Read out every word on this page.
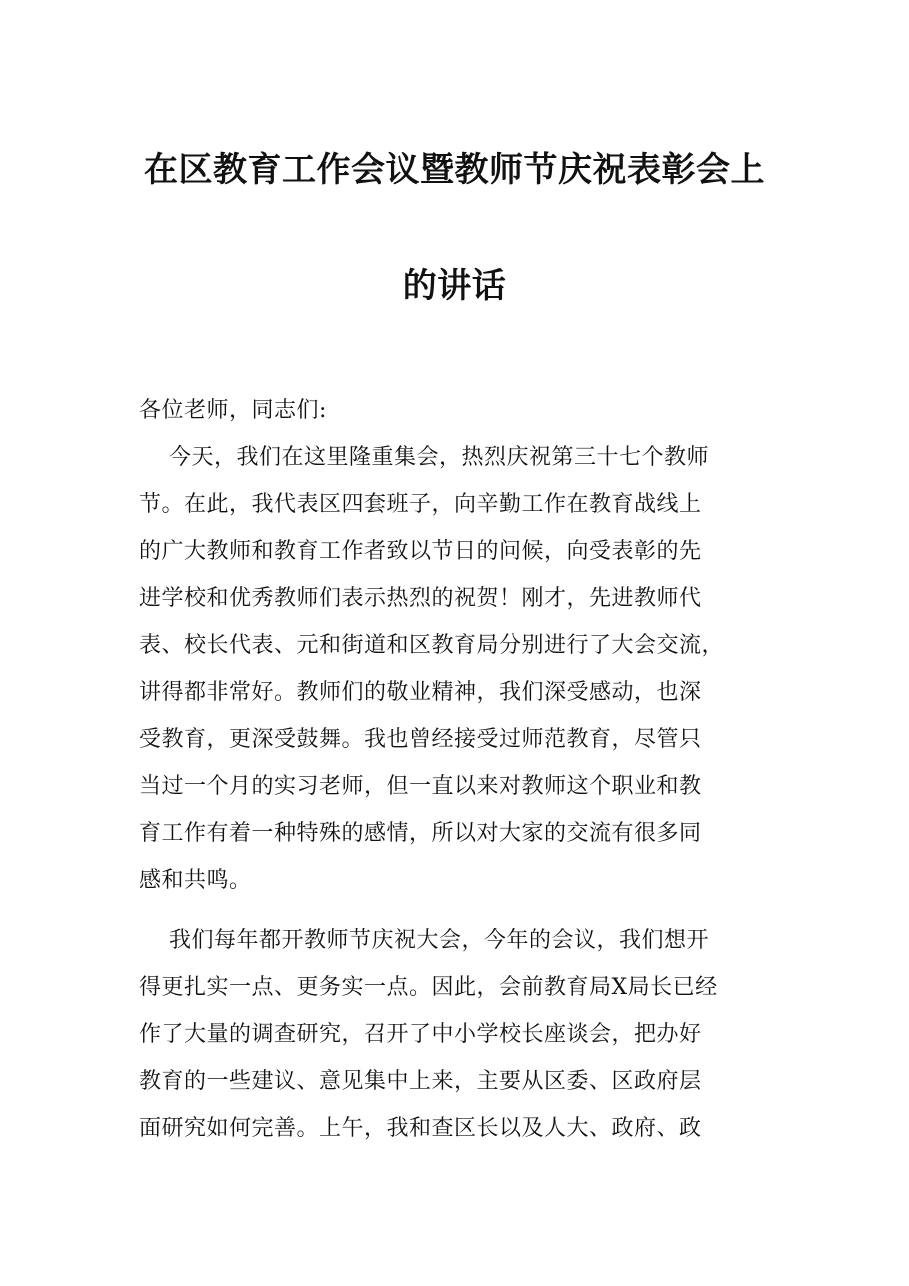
在区教育工作会议暨教师节庆祝表彰会上
的讲话
各位老师，同志们:
今天，我们在这里隆重集会，热烈庆祝第三十七个教师
节。在此，我代表区四套班子，向辛勤工作在教育战线上
的广大教师和教育工作者致以节日的问候，向受表彰的先
进学校和优秀教师们表示热烈的祝贺！刚才，先进教师代
表、校长代表、元和街道和区教育局分别进行了大会交流，
讲得都非常好。教师们的敬业精神，我们深受感动，也深
受教育，更深受鼓舞。我也曾经接受过师范教育，尽管只
当过一个月的实习老师，但一直以来对教师这个职业和教
育工作有着一种特殊的感情，所以对大家的交流有很多同
感和共鸣。
我们每年都开教师节庆祝大会，今年的会议，我们想开
得更扎实一点、更务实一点。因此，会前教育局X局长已经
作了大量的调查研究，召开了中小学校长座谈会，把办好
教育的一些建议、意见集中上来，主要从区委、区政府层
面研究如何完善。上午，我和查区长以及人大、政府、政
